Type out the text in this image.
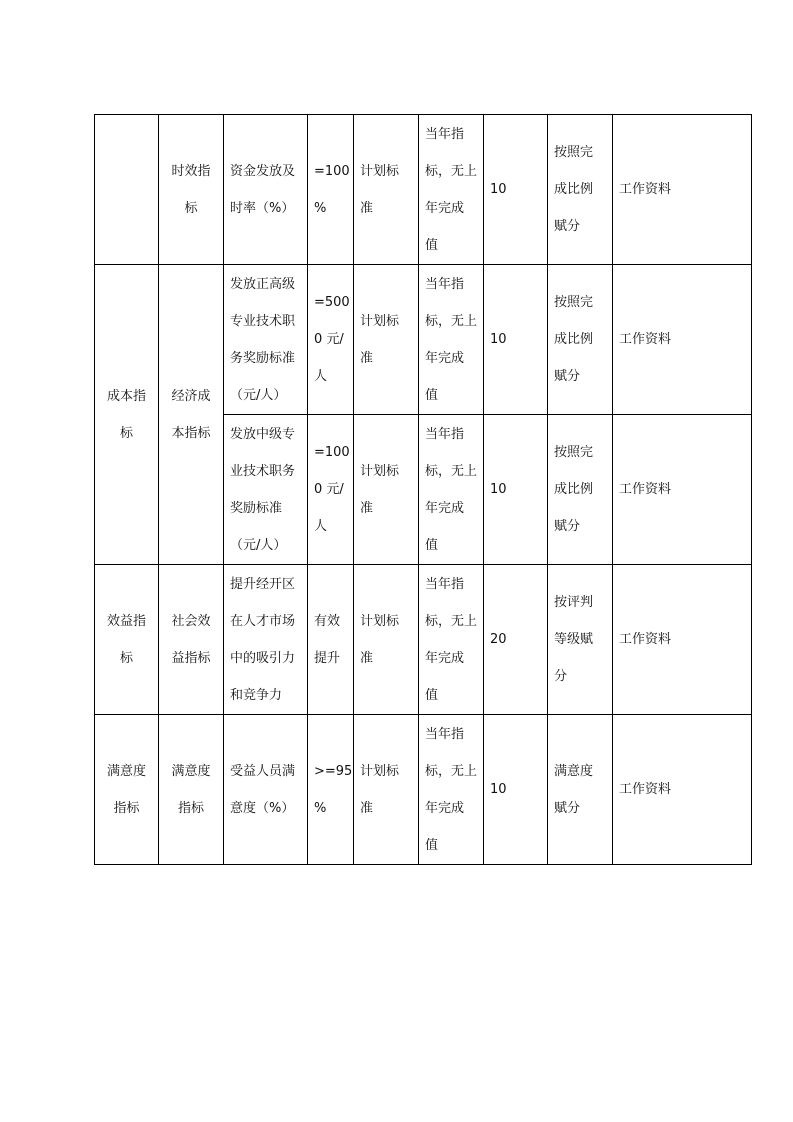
	时效指
标	资金发放及
时率（%）	=100
%	计划标
准	当年指
标，无上
年完成
值	10	按照完
成比例
赋分	工作资料
成本指
标	经济成
本指标	发放正高级
专业技术职
务奖励标准
（元/人）	=500
0 元/
人	计划标
准	当年指
标，无上
年完成
值	10	按照完
成比例
赋分	工作资料
		发放中级专
业技术职务
奖励标准
（元/人）	=100
0 元/
人	计划标
准	当年指
标，无上
年完成
值	10	按照完
成比例
赋分	工作资料
效益指
标	社会效
益指标	提升经开区
在人才市场
中的吸引力
和竞争力	有效
提升	计划标
准	当年指
标，无上
年完成
值	20	按评判
等级赋
分	工作资料
满意度
指标	满意度
指标	受益人员满
意度（%）	>=95
%	计划标
准	当年指
标，无上
年完成
值	10	满意度
赋分	工作资料
